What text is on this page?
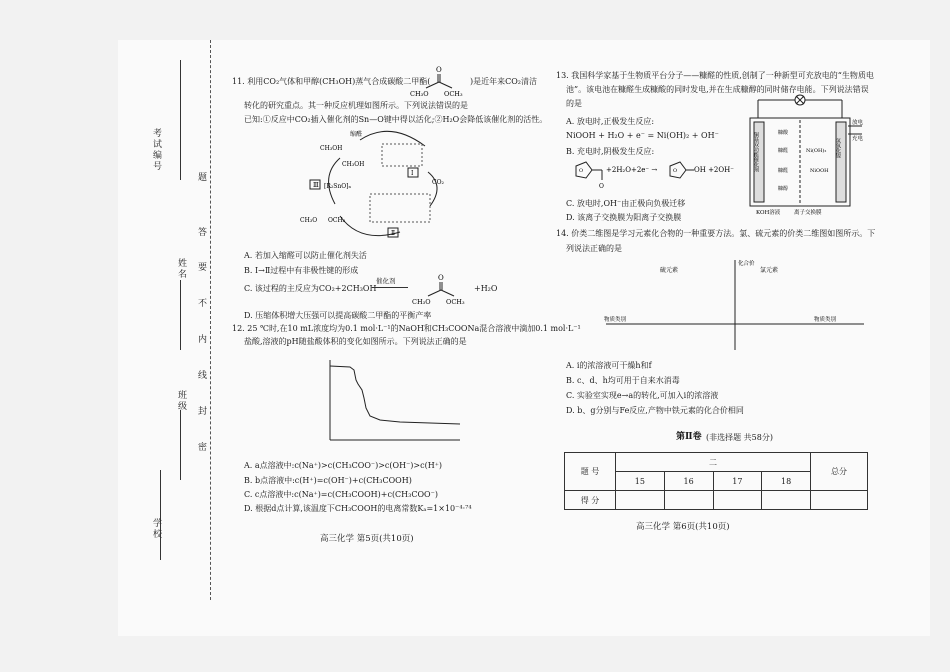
考试编号
姓名
班级
学校
题
答
要
不
内
线
封
密
11. 利用CO₂气体和甲醇(CH₃OH)蒸气合成碳酸二甲酯(
O
CH₃O OCH₃
)是近年来CO₂清洁
转化的研究重点。其一种反应机理如图所示。下列说法错误的是
已知:①反应中CO₂插入催化剂的Sn—O键中得以活化;②H₂O会降低该催化剂的活性。
缩醛
CH₃OH
CH₃OH
Ⅰ
CO₂
Ⅲ [R₂SnO]ₙ
Ⅱ
CH₃O OCH₃
A. 若加入缩醛可以防止催化剂失活
B. Ⅰ→Ⅱ过程中有非极性键的形成
C. 该过程的主反应为CO₂+2CH₃OH
催化剂	O
CH₃O OCH₃
+H₂O
D. 压缩体积增大压强可以提高碳酸二甲酯的平衡产率
12. 25 ℃时,在10 mL浓度均为0.1 mol·L⁻¹的NaOH和CH₃COONa混合溶液中滴加0.1 mol·L⁻¹
盐酸,溶液的pH随盐酸体积的变化如图所示。下列说法正确的是
A. a点溶液中:c(Na⁺)>c(CH₃COO⁻)>c(OH⁻)>c(H⁺)
B. b点溶液中:c(H⁺)=c(OH⁻)+c(CH₃COOH)
C. c点溶液中:c(Na⁺)=c(CH₃COOH)+c(CH₃COO⁻)
D. 根据d点计算,该温度下CH₃COOH的电离常数Kₐ=1×10⁻⁴·⁷⁴
高三化学 第5页(共10页)
13. 我国科学家基于生物质平台分子——糠醛的性质,创制了一种新型可充放电的“生物质电
池”。该电池在糠醛生成糠酸的同时发电,并在生成糠醇的同时储存电能。下列说法错误
的是
A. 放电时,正极发生反应:
NiOOH + H₂O + e⁻ = Ni(OH)₂ + OH⁻
B. 充电时,阴极发生反应:
O
O
+2H₂O+2e⁻ →	O OH +2OH⁻
C. 放电时,OH⁻由正极向负极迁移
D. 该离子交换膜为阳离子交换膜
放电
充电
铜基双功能催化剂	氢氧化镍
糠酸
糠醛
糠醛
糠醇
Ni(OH)₂
NiOOH
KOH溶液 离子交换膜
14. 价类二维图是学习元素化合物的一种重要方法。氯、硫元素的价类二维图如图所示。下
列说法正确的是
化合价
硫元素	氯元素
物质类别	物质类别
A. i的浓溶液可干燥h和f
B. c、d、h均可用于自来水消毒
C. 实验室实现e→a的转化,可加入i的浓溶液
D. b、g分别与Fe反应,产物中铁元素的化合价相同
第Ⅱ卷 (非选择题 共58分)
题 号	二				总分
	15	16	17	18	
得 分					
高三化学 第6页(共10页)
